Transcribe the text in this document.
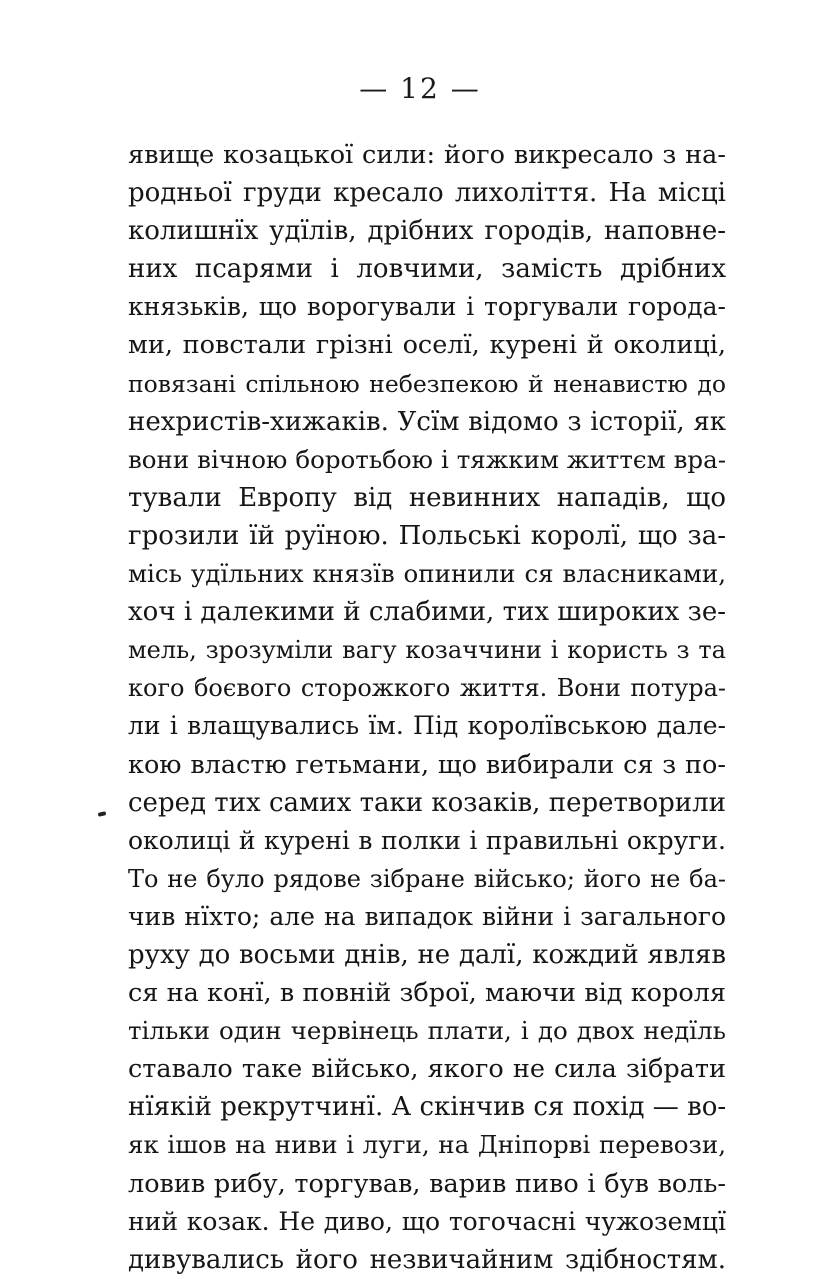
— 12 —
явище козацької сили: його викресало з на-
родньої груди кресало лихоліття. На місці
колишнїх удїлів, дрібних городів, наповне-
них псарями і ловчими, замість дрібних
князьків, що ворогували і торгували города-
ми, повстали грізні оселї, курені й околиці,
повязані спільною небезпекою й ненавистю до
нехристів-хижаків. Усїм відомо з історії, як
вони вічною боротьбою і тяжким життєм вра-
тували Европу від невинних нападів, що
грозили їй руїною. Польські королї, що за-
місь удїльних князїв опинили ся власниками,
хоч і далекими й слабими, тих широких зе-
мель, зрозуміли вагу козаччини і користь з та
кого боєвого сторожкого життя. Вони потура-
ли і влащувались їм. Під королївською дале-
кою властю гетьмани, що вибирали ся з по-
серед тих самих таки козаків, перетворили
околиці й курені в полки і правильні округи.
То не було рядове зібране військо; його не ба-
чив нїхто; але на випадок війни і загального
руху до восьми днів, не далї, кождий являв
ся на конї, в повній зброї, маючи від короля
тільки один червінець плати, і до двох недїль
ставало таке військо, якого не сила зібрати
нїякій рекрутчинї. А скінчив ся похід — во-
як ішов на ниви і луги, на Дніпорві перевози,
ловив рибу, торгував, варив пиво і був воль-
ний козак. Не диво, що тогочасні чужоземцї
дивувались його незвичайним здібностям.
